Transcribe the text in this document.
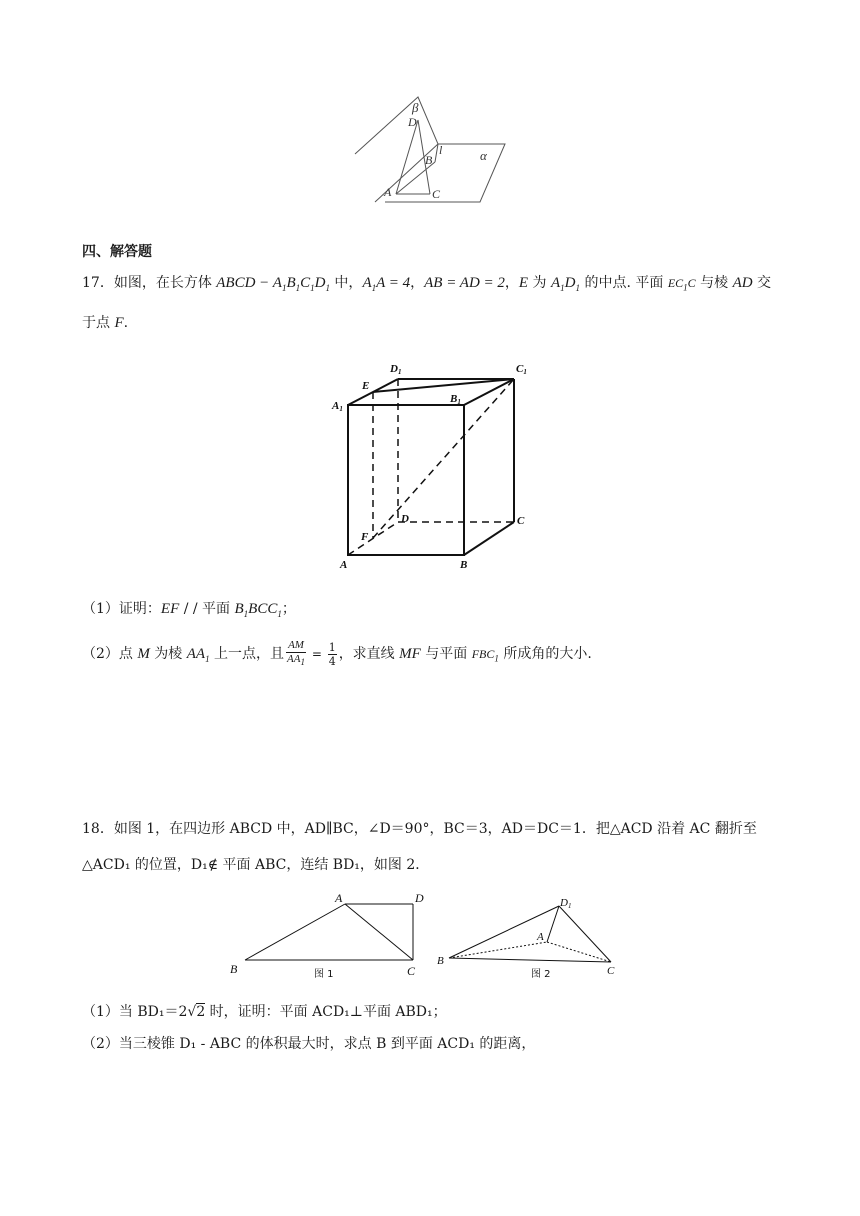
β
D
B
l	α
A	C
四、解答题
17．如图，在长方体 ABCD − $A_1B_1C_1D_1$ 中，$A_1A = 4$，AB = AD = 2，E 为 $A_1D_1$ 的中点. 平面 $EC_1C$ 与棱 AD 交
于点 F.
D1	C1
E
A1
B1
D	C
F
A	B
（1）证明：EF / / 平面 $B_1BCC_1$；
（2）点 M 为棱 $AA_1$ 上一点，且 $\frac{AM}{AA_1} = \frac{1}{4}$ ，求直线 MF 与平面 $FBC_1$ 所成角的大小.
18．如图 1，在四边形 ABCD 中，AD∥BC，∠D＝90°，BC＝3，AD＝DC＝1．把△ACD 沿着 AC 翻折至
△ACD₁ 的位置，D₁∉ 平面 ABC，连结 BD₁，如图 2．
A	D
B	C
图 1
D1
A
B
C
图 2
（1）当 BD₁＝2√2 时，证明：平面 ACD₁⊥平面 ABD₁；
（2）当三棱锥 D₁ - ABC 的体积最大时，求点 B 到平面 ACD₁ 的距离，
